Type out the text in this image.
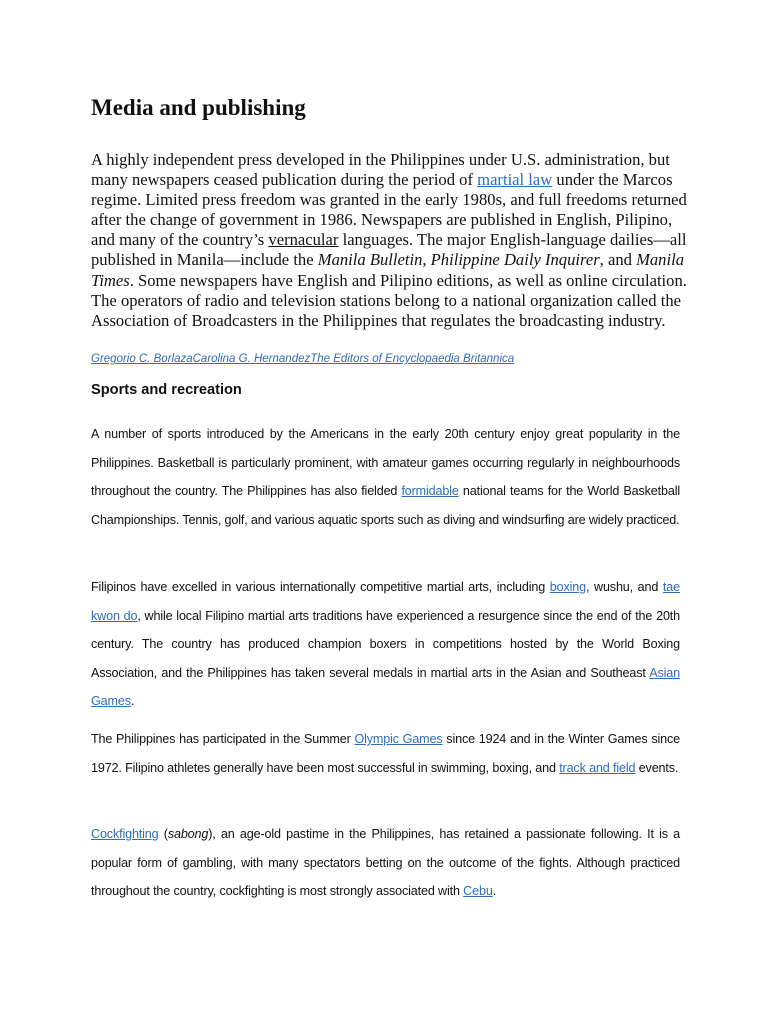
Media and publishing

A highly independent press developed in the Philippines under U.S. administration, but many newspapers ceased publication during the period of martial law under the Marcos regime. Limited press freedom was granted in the early 1980s, and full freedoms returned after the change of government in 1986. Newspapers are published in English, Pilipino, and many of the country’s vernacular languages. The major English-language dailies—all published in Manila—include the Manila Bulletin, Philippine Daily Inquirer, and Manila Times. Some newspapers have English and Pilipino editions, as well as online circulation. The operators of radio and television stations belong to a national organization called the Association of Broadcasters in the Philippines that regulates the broadcasting industry.

Gregorio C. BorlazaCarolina G. HernandezThe Editors of Encyclopaedia Britannica

Sports and recreation

A number of sports introduced by the Americans in the early 20th century enjoy great popularity in the Philippines. Basketball is particularly prominent, with amateur games occurring regularly in neighbourhoods throughout the country. The Philippines has also fielded formidable national teams for the World Basketball Championships. Tennis, golf, and various aquatic sports such as diving and windsurfing are widely practiced.

Filipinos have excelled in various internationally competitive martial arts, including boxing, wushu, and tae kwon do, while local Filipino martial arts traditions have experienced a resurgence since the end of the 20th century. The country has produced champion boxers in competitions hosted by the World Boxing Association, and the Philippines has taken several medals in martial arts in the Asian and Southeast Asian Games.

The Philippines has participated in the Summer Olympic Games since 1924 and in the Winter Games since 1972. Filipino athletes generally have been most successful in swimming, boxing, and track and field events.

Cockfighting (sabong), an age-old pastime in the Philippines, has retained a passionate following. It is a popular form of gambling, with many spectators betting on the outcome of the fights. Although practiced throughout the country, cockfighting is most strongly associated with Cebu.
